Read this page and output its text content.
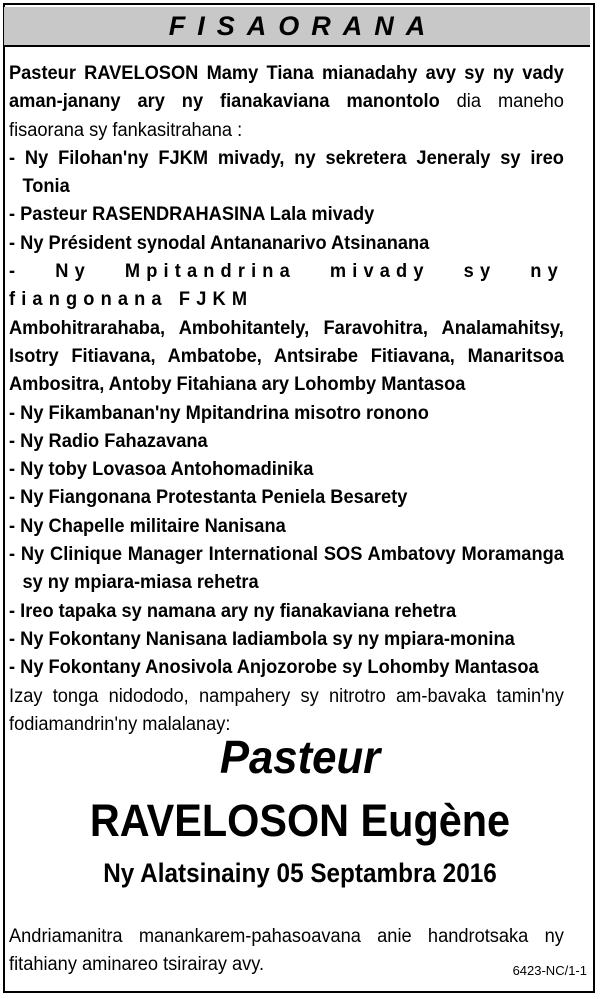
FISAORANA

Pasteur RAVELOSON Mamy Tiana mianadahy avy sy ny vady aman-janany ary ny fianakaviana manontolo dia maneho fisaorana sy fankasitrahana :

- Ny Filohan'ny FJKM mivady, ny sekretera Jeneraly sy ireo Tonia

- Pasteur RASENDRAHASINA Lala mivady

- Ny Président synodal Antananarivo Atsinanana

- Ny Mpitandrina mivady sy ny fiangonana FJKM

Ambohitrarahaba, Ambohitantely, Faravohitra, Analamahitsy, Isotry Fitiavana, Ambatobe, Antsirabe Fitiavana, Manaritsoa Ambositra, Antoby Fitahiana ary Lohomby Mantasoa

- Ny Fikambanan'ny Mpitandrina misotro ronono

- Ny Radio Fahazavana

- Ny toby Lovasoa Antohomadinika

- Ny Fiangonana Protestanta Peniela Besarety

- Ny Chapelle militaire Nanisana

- Ny Clinique Manager International SOS Ambatovy Moramanga sy ny mpiara-miasa rehetra

- Ireo tapaka sy namana ary ny fianakaviana rehetra

- Ny Fokontany Nanisana Iadiambola sy ny mpiara-monina

- Ny Fokontany Anosivola Anjozorobe sy Lohomby Mantasoa

Izay tonga nidododo, nampahery sy nitrotro am-bavaka tamin'ny fodiamandrin'ny malalanay:

Pasteur
RAVELOSON Eugène
Ny Alatsinainy 05 Septambra 2016
Andriamanitra manankarem-pahasoavana anie handrotsaka ny fitahiany aminareo tsirairay avy.	6423-NC/1-1
